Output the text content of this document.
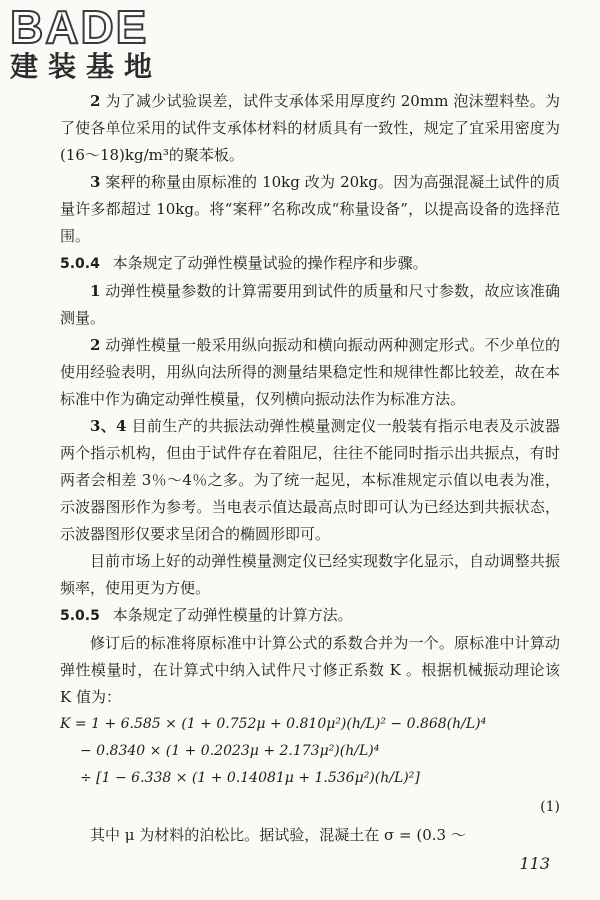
BADE
建装基地

2 为了减少试验误差，试件支承体采用厚度约 20mm 泡沫塑料垫。为了使各单位采用的试件支承体材料的材质具有一致性，规定了宜采用密度为(16～18)kg/m³的聚苯板。

3 案秤的称量由原标准的 10kg 改为 20kg。因为高强混凝土试件的质量许多都超过 10kg。将“案秤”名称改成“称量设备”，以提高设备的选择范围。

5.0.4 本条规定了动弹性模量试验的操作程序和步骤。

1 动弹性模量参数的计算需要用到试件的质量和尺寸参数，故应该准确测量。

2 动弹性模量一般采用纵向振动和横向振动两种测定形式。不少单位的使用经验表明，用纵向法所得的测量结果稳定性和规律性都比较差，故在本标准中作为确定动弹性模量，仅列横向振动法作为标准方法。

3、4 目前生产的共振法动弹性模量测定仪一般装有指示电表及示波器两个指示机构，但由于试件存在着阻尼，往往不能同时指示出共振点，有时两者会相差 3％～4％之多。为了统一起见，本标准规定示值以电表为准，示波器图形作为参考。当电表示值达最高点时即可认为已经达到共振状态，示波器图形仅要求呈闭合的椭圆形即可。

目前市场上好的动弹性模量测定仪已经实现数字化显示，自动调整共振频率，使用更为方便。

5.0.5 本条规定了动弹性模量的计算方法。

修订后的标准将原标准中计算公式的系数合并为一个。原标准中计算动弹性模量时，在计算式中纳入试件尺寸修正系数 K 。根据机械振动理论该 K 值为：

K = 1 + 6.585 × (1 + 0.752μ + 0.810μ²)(h/L)² − 0.868(h/L)⁴
− 0.8340 × (1 + 0.2023μ + 2.173μ²)(h/L)⁴
÷ [1 − 6.338 × (1 + 0.14081μ + 1.536μ²)(h/L)²]
(1)

其中 μ 为材料的泊松比。据试验，混凝土在 σ = (0.3 ～

113
